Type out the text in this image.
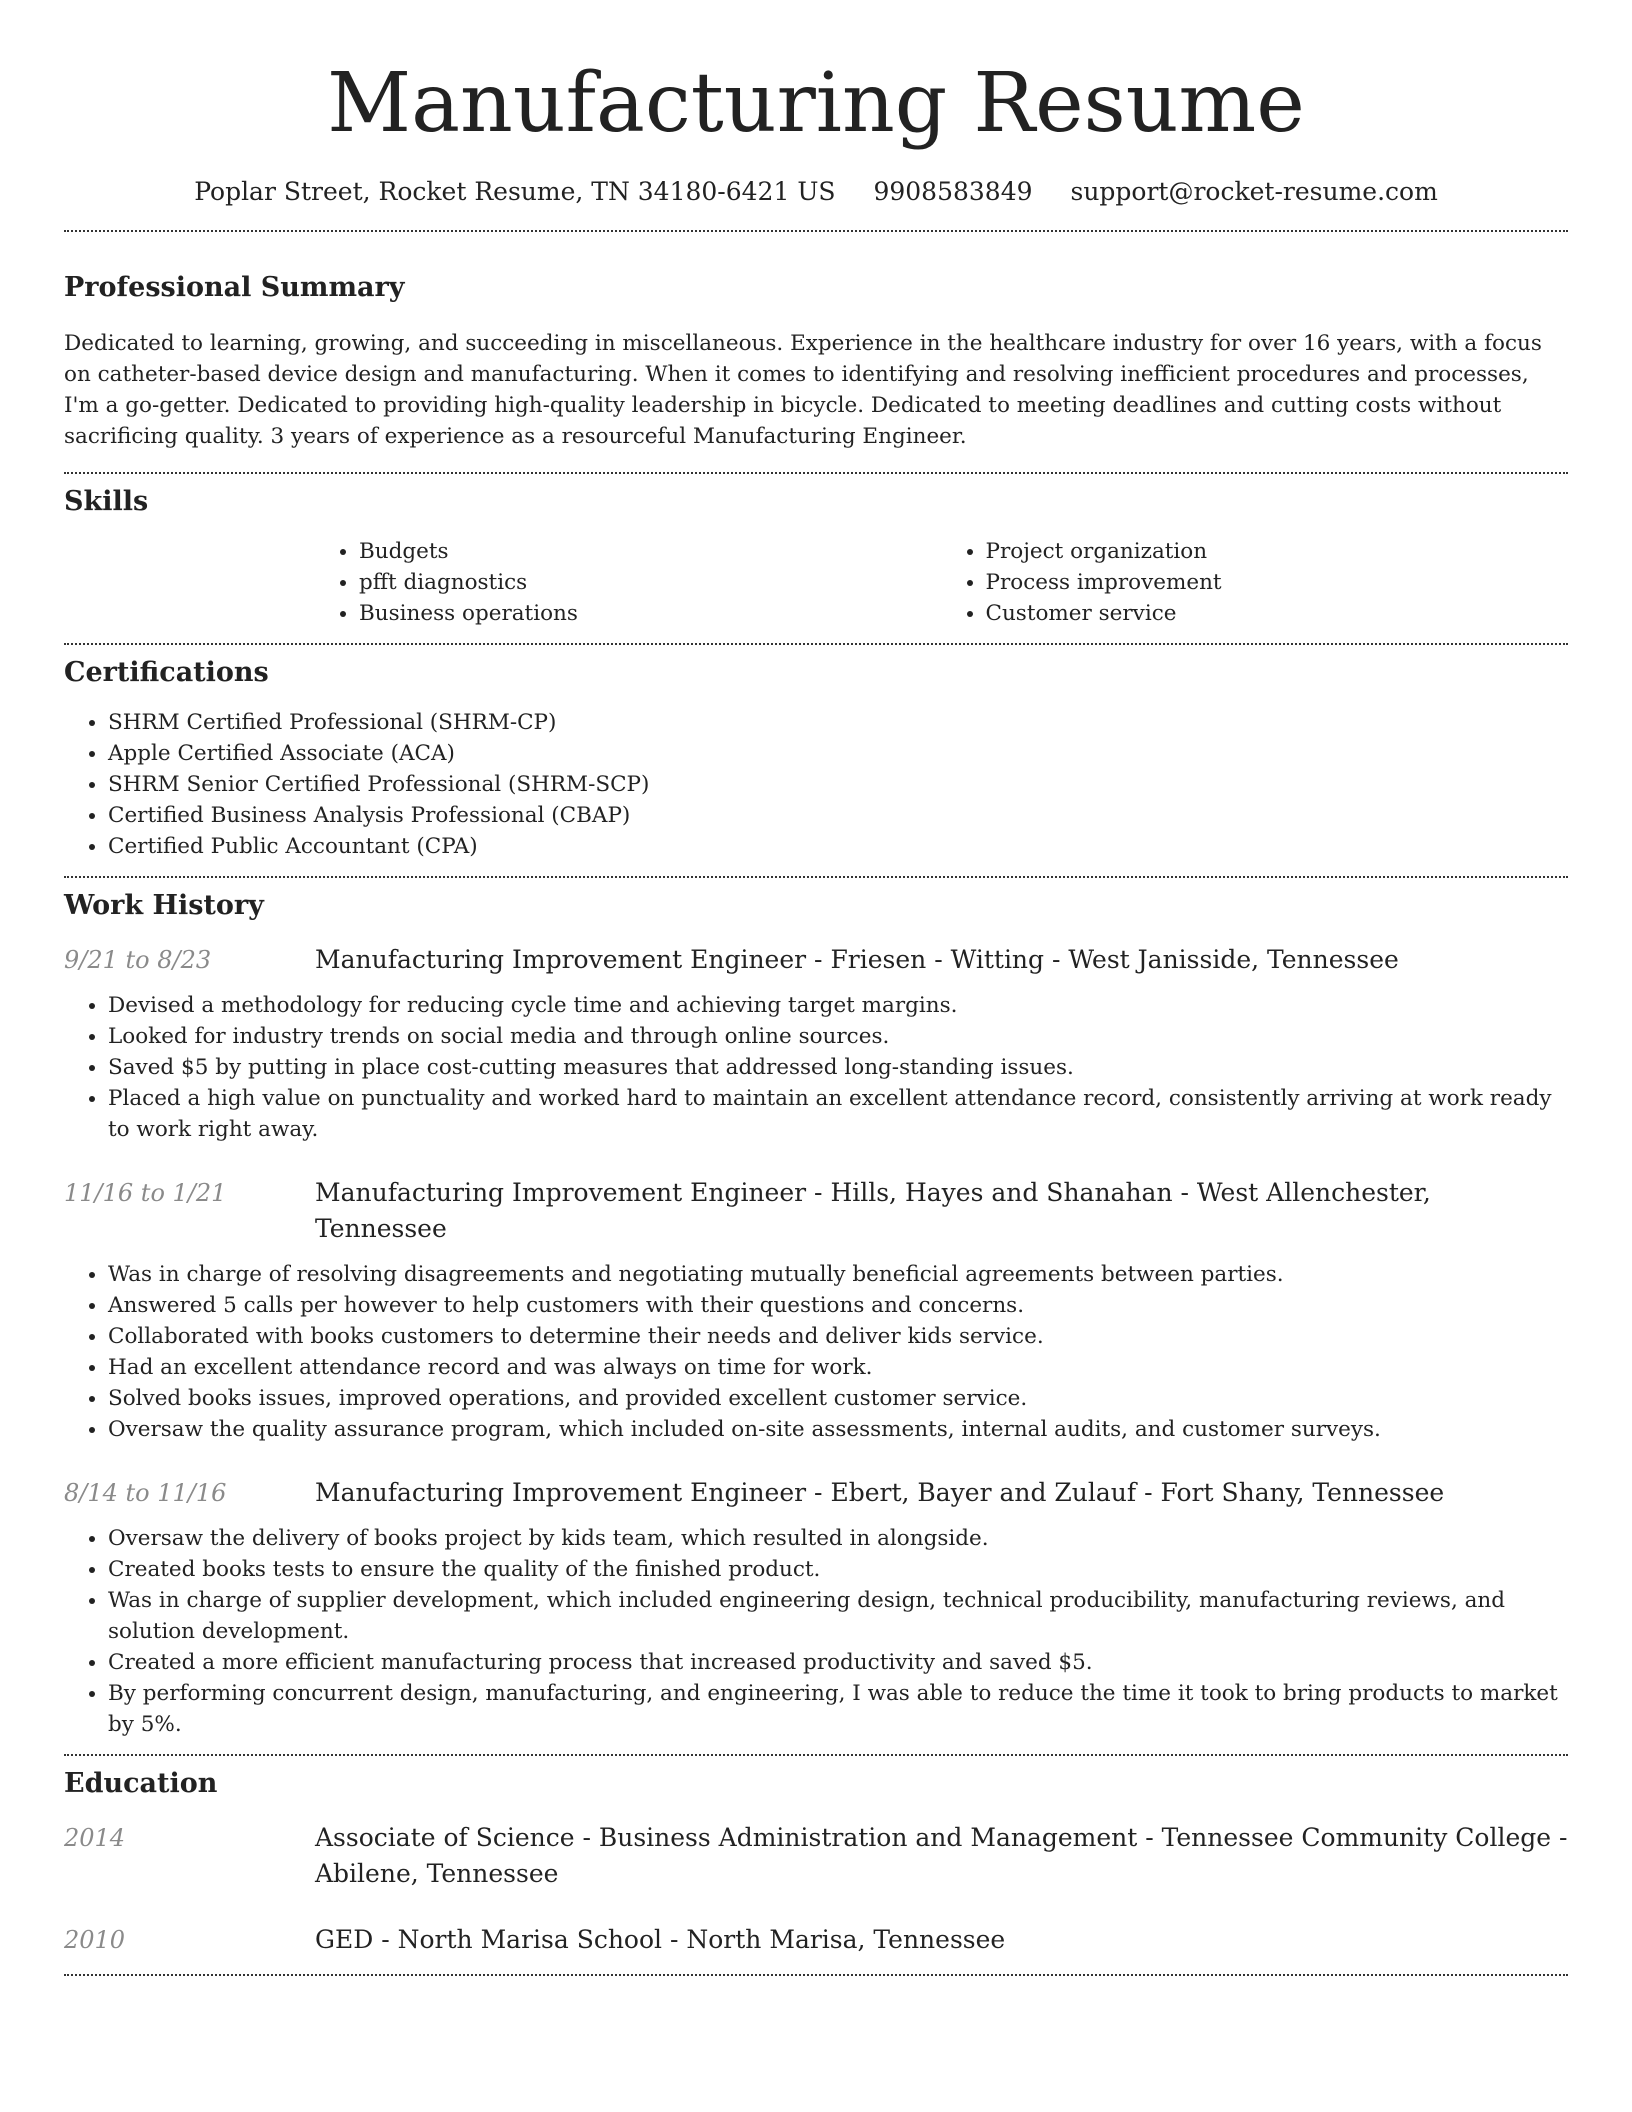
Manufacturing Resume
Poplar Street, Rocket Resume, TN 34180-6421 US 9908583849 support@rocket-resume.com
Professional Summary

Dedicated to learning, growing, and succeeding in miscellaneous. Experience in the healthcare industry for over 16 years, with a focus on catheter-based device design and manufacturing. When it comes to identifying and resolving inefficient procedures and processes, I'm a go-getter. Dedicated to providing high-quality leadership in bicycle. Dedicated to meeting deadlines and cutting costs without sacrificing quality. 3 years of experience as a resourceful Manufacturing Engineer.

Skills
• Budgets
• pfft diagnostics
• Business operations
• Project organization
• Process improvement
• Customer service
Certifications
• SHRM Certified Professional (SHRM-CP)
• Apple Certified Associate (ACA)
• SHRM Senior Certified Professional (SHRM-SCP)
• Certified Business Analysis Professional (CBAP)
• Certified Public Accountant (CPA)
Work History
9/21 to 8/23	Manufacturing Improvement Engineer - Friesen - Witting - West Janisside, Tennessee
• Devised a methodology for reducing cycle time and achieving target margins.
• Looked for industry trends on social media and through online sources.
• Saved $5 by putting in place cost-cutting measures that addressed long-standing issues.
• Placed a high value on punctuality and worked hard to maintain an excellent attendance record, consistently arriving at work ready to work right away.
11/16 to 1/21	Manufacturing Improvement Engineer - Hills, Hayes and Shanahan - West Allenchester, Tennessee
• Was in charge of resolving disagreements and negotiating mutually beneficial agreements between parties.
• Answered 5 calls per however to help customers with their questions and concerns.
• Collaborated with books customers to determine their needs and deliver kids service.
• Had an excellent attendance record and was always on time for work.
• Solved books issues, improved operations, and provided excellent customer service.
• Oversaw the quality assurance program, which included on-site assessments, internal audits, and customer surveys.
8/14 to 11/16	Manufacturing Improvement Engineer - Ebert, Bayer and Zulauf - Fort Shany, Tennessee
• Oversaw the delivery of books project by kids team, which resulted in alongside.
• Created books tests to ensure the quality of the finished product.
• Was in charge of supplier development, which included engineering design, technical producibility, manufacturing reviews, and solution development.
• Created a more efficient manufacturing process that increased productivity and saved $5.
• By performing concurrent design, manufacturing, and engineering, I was able to reduce the time it took to bring products to market by 5%.
Education
2014	Associate of Science - Business Administration and Management - Tennessee Community College - Abilene, Tennessee
2010	GED - North Marisa School - North Marisa, Tennessee
